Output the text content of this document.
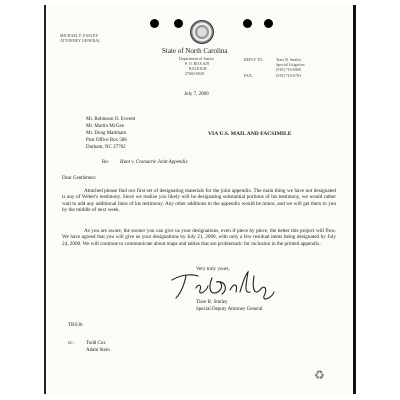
MICHAEL F. EASLEY
ATTORNEY GENERAL
State of North Carolina
Department of Justice
P. O. BOX 629
RALEIGH
27602-0629
REPLY TO:	Tiare B. Smiley
Special Litigation
(919) 716-6900
FAX:	(919) 716-6763
July 7, 2000
Mr. Robinson O. Everett
Mr. Martin McGee
Mr. Doug Markham
Post Office Box 586
Durham, NC 27702
VIA U.S. MAIL AND FACSIMILE
Re: Hunt v. Cromartie Joint Appendix
Dear Gentlemen:
Attached please find our first set of designating materials for the joint appendix. The main thing we have not designated is any of Weber's testimony. Since we realize you likely will be designating substantial portions of his testimony, we would rather wait to add any additional lines of his testimony. Any other additions to the appendix would be minor, and we will get them to you by the middle of next week.
As you are aware, the sooner you can give us your designations, even if piece by piece, the better this project will flow. We have agreed that you will give us your designations by July 21, 2000, with only a few residual items being designated by July 24, 2000. We will continue to communicate about maps and tables that are problematic for inclusion in the printed appendix.
Very truly yours,
Tiare B. Smiley
Special Deputy Attorney General
TBS/lb
cc: Todd Cox
Adam Stein
♻
